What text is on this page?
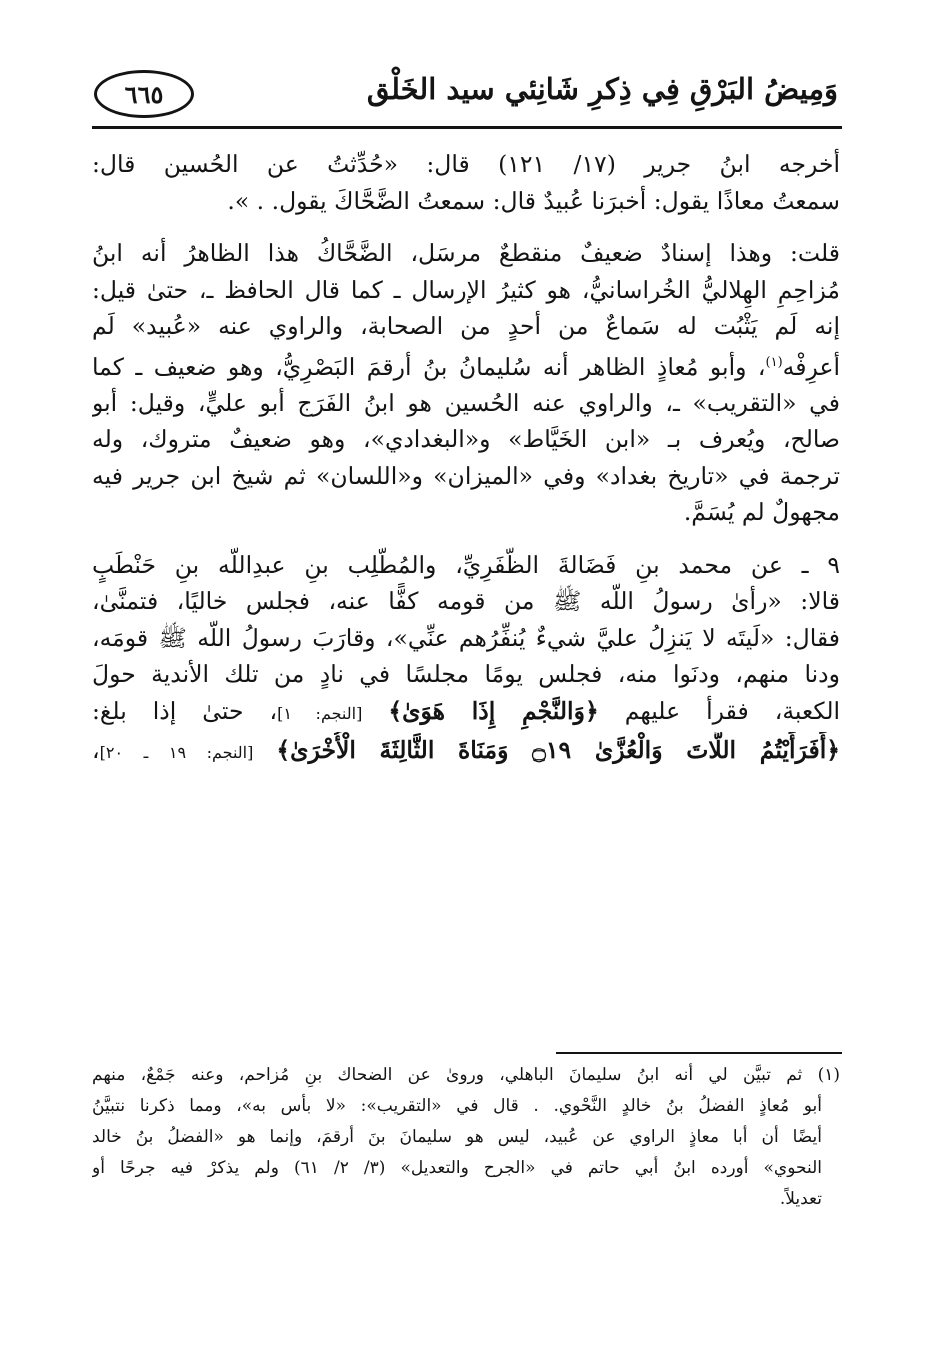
٦٦٥	وَمِيضُ البَرْقِ فِي ذِكرِ شَانِئي سيد الخَلْق

أخرجه ابنُ جرير (١٧/ ١٢١) قال: «حُدِّثتُ عن الحُسين قال:
سمعتُ معاذًا يقول: أخبرَنا عُبيدٌ قال: سمعتُ الضَّحَّاكَ يقول. . ».

قلت: وهذا إسنادٌ ضعيفٌ منقطعٌ مرسَل، الضَّحَّاكُ هذا الظاهرُ أنه ابنُ
مُزاحِمٍ الهِلاليُّ الخُراسانيُّ، هو كثيرُ الإرسال ـ كما قال الحافظ ـ، حتىٰ قيل:
إنه لَم يَثْبُت له سَماعٌ من أحدٍ من الصحابة، والراوي عنه «عُبيد» لَم
أعرِفْه$^{(١)}$، وأبو مُعاذٍ الظاهر أنه سُليمانُ بنُ أرقمَ البَصْرِيُّ، وهو ضعيف ـ كما
في «التقريب» ـ، والراوي عنه الحُسين هو ابنُ الفَرَج أبو عليٍّ، وقيل: أبو
صالح، ويُعرف بـ «ابن الخَيَّاط» و«البغدادي»، وهو ضعيفٌ متروك، وله
ترجمة في «تاريخ بغداد» وفي «الميزان» و«اللسان» ثم شيخ ابن جرير فيه
مجهولٌ لم يُسَمَّ.

٩ ـ عن محمد بنِ فَضَالةَ الظَّفَرِيِّ، والمُطَّلِب بنِ عبدِاللَّه بنِ حَنْطَبٍ
قالا: «رأىٰ رسولُ اللَّه ﷺ من قومه كفًّا عنه، فجلس خاليًا، فتمنَّىٰ،
فقال: «لَيتَه لا يَنزِلُ عليَّ شيءٌ يُنفِّرُهم عنِّي»، وقارَبَ رسولُ اللَّه ﷺ قومَه،
ودنا منهم، ودنَوا منه، فجلس يومًا مجلسًا في نادٍ من تلك الأندية حولَ
الكعبة، فقرأ عليهم ﴿وَالنَّجْمِ إِذَا هَوَىٰ﴾ [النجم: ١]، حتىٰ إذا بلغ:
﴿أَفَرَأَيْتُمُ اللَّاتَ وَالْعُزَّىٰ ۝١٩ وَمَنَاةَ الثَّالِثَةَ الْأُخْرَىٰ﴾ [النجم: ١٩ ـ ٢٠]،

(١) ثم تبيَّن لي أنه ابنُ سليمانَ الباهلي، وروىٰ عن الضحاك بنِ مُزاحم، وعنه جَمْعٌ، منهم
أبو مُعاذٍ الفضلُ بنُ خالدٍ النَّحْوي. . قال في «التقريب»: «لا بأس به»، ومما ذكرنا نتبيَّنُ
أيضًا أن أبا معاذٍ الراوي عن عُبيد، ليس هو سليمانَ بنَ أرقمَ، وإنما هو «الفضلُ بنُ خالد
النحوي» أورده ابنُ أبي حاتم في «الجرح والتعديل» (٣/ ٢/ ٦١) ولم يذكرْ فيه جرحًا أو
تعديلاً.
